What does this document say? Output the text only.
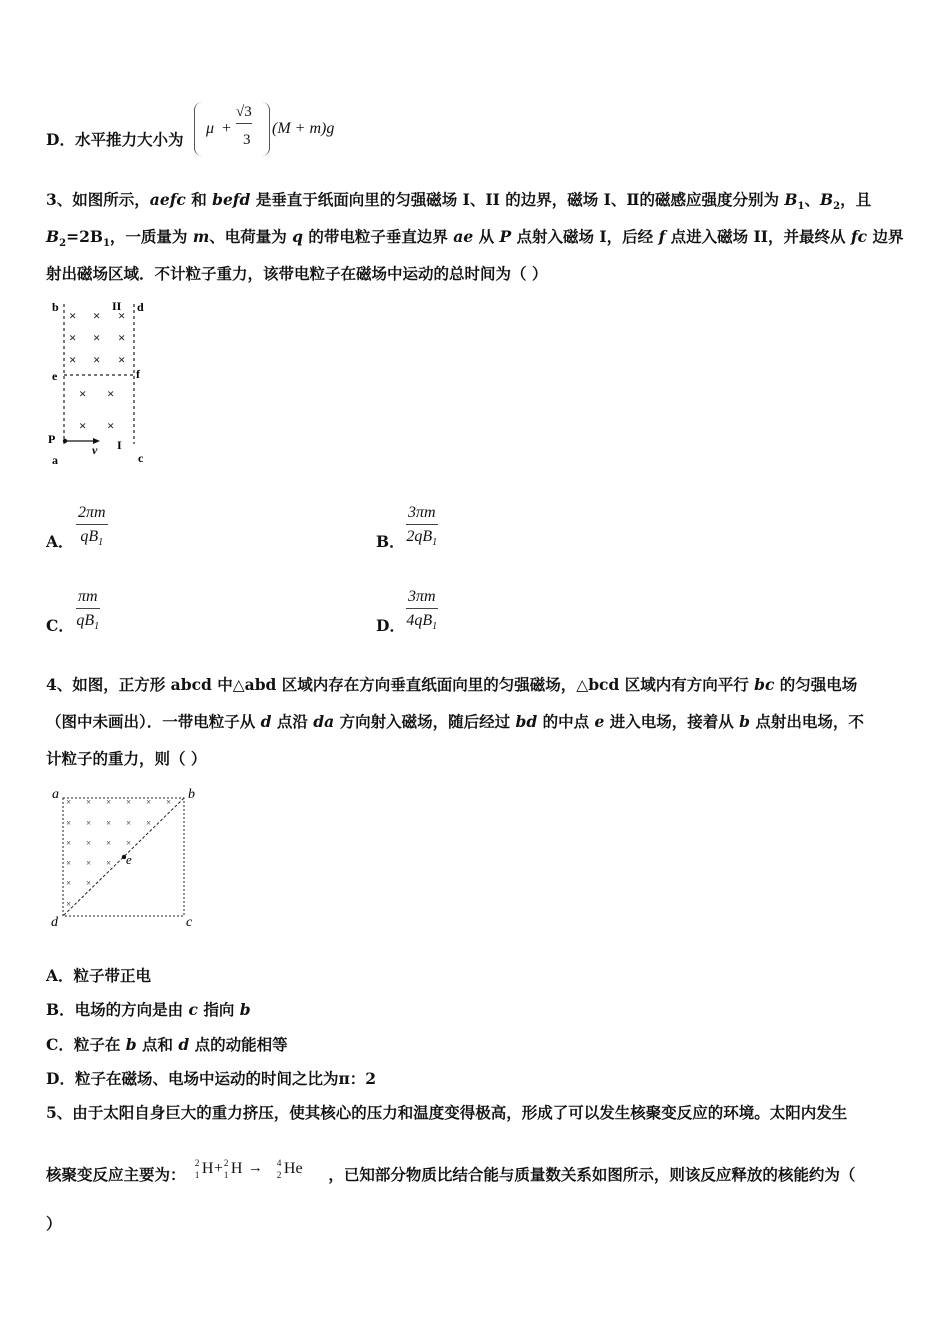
D．水平推力大小为
μ +
√3
3
(M + m)g
3、如图所示，aefc 和 befd 是垂直于纸面向里的匀强磁场 I、II 的边界，磁场 I、Ⅱ的磁感应强度分别为 $B_1$、$B_2$，且
$B_2=2B_1$，一质量为 m、电荷量为 q 的带电粒子垂直边界 ae 从 P 点射入磁场 I，后经 f 点进入磁场 II，并最终从 fc 边界
射出磁场区域．不计粒子重力，该带电粒子在磁场中运动的总时间为（ ）
b	II d
e	f
P
v I
a	c
× × ×
× × ×
× × ×
× ×
× ×
A． $\frac{2\pi m}{qB_1}$	B． $\frac{3\pi m}{2qB_1}$
C． $\frac{\pi m}{qB_1}$	D． $\frac{3\pi m}{4qB_1}$
4、如图，正方形 abcd 中△abd 区域内存在方向垂直纸面向里的匀强磁场，△bcd 区域内有方向平行 bc 的匀强电场
（图中未画出）．一带电粒子从 d 点沿 da 方向射入磁场，随后经过 bd 的中点 e 进入电场，接着从 b 点射出电场，不
计粒子的重力，则（ ）
a	b
c
d
e
× × × × × ×
× × × × ×
× × × ×
× × ×
× ×
×
A．粒子带正电
B．电场的方向是由 c 指向 b
C．粒子在 b 点和 d 点的动能相等
D．粒子在磁场、电场中运动的时间之比为π：2
5、由于太阳自身巨大的重力挤压，使其核心的压力和温度变得极高，形成了可以发生核聚变反应的环境。太阳内发生
核聚变反应主要为：
2
1 H + 2
1 H → 4
2 He ，已知部分物质比结合能与质量数关系如图所示，则该反应释放的核能约为（
）
